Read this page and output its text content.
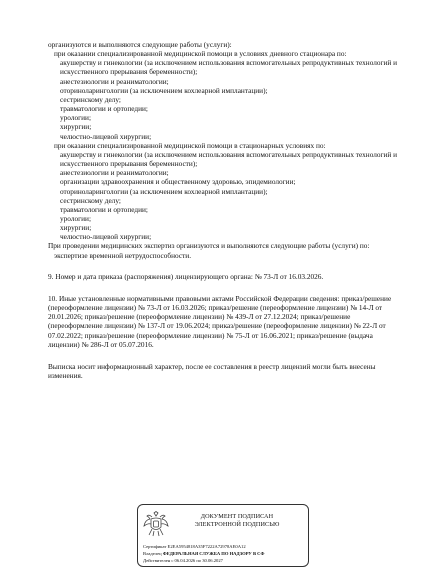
организуются и выполняются следующие работы (услуги):

при оказании специализированной медицинской помощи в условиях дневного стационара по:

акушерству и гинекологии (за исключением использования вспомогательных репродуктивных технологий и искусственного прерывания беременности);

анестезиологии и реаниматологии;

оториноларингологии (за исключением кохлеарной имплантации);

сестринскому делу;

травматологии и ортопедии;

урологии;

хирургии;

челюстно-лицевой хирургии;

при оказании специализированной медицинской помощи в стационарных условиях по:

акушерству и гинекологии (за исключением использования вспомогательных репродуктивных технологий и искусственного прерывания беременности);

анестезиологии и реаниматологии;

организации здравоохранения и общественному здоровью, эпидемиологии;

оториноларингологии (за исключением кохлеарной имплантации);

сестринскому делу;

травматологии и ортопедии;

урологии;

хирургии;

челюстно-лицевой хирургии;

При проведении медицинских экспертиз организуются и выполняются следующие работы (услуги) по:

экспертизе временной нетрудоспособности.

9. Номер и дата приказа (распоряжения) лицензирующего органа: № 73-Л от 16.03.2026.

10. Иные установленные нормативными правовыми актами Российской Федерации сведения: приказ/решение (переоформление лицензии) № 73-Л от 16.03.2026; приказ/решение (переоформление лицензии) № 14-Л от 20.01.2026; приказ/решение (переоформление лицензии) № 439-Л от 27.12.2024; приказ/решение (переоформление лицензии) № 137-Л от 19.06.2024; приказ/решение (переоформление лицензии) № 22-Л от 07.02.2022; приказ/решение (переоформление лицензии) № 75-Л от 16.06.2021; приказ/решение (выдача лицензии) № 286-Л от 05.07.2016.

Выписка носит информационный характер, после ее составления в реестр лицензий могли быть внесены изменения.

ДОКУМЕНТ ПОДПИСАН
ЭЛЕКТРОННОЙ ПОДПИСЬЮ
Сертификат E2EA5954818A35F7222A72978AE0A12
Владелец ФЕДЕРАЛЬНАЯ СЛУЖБА ПО НАДЗОРУ В СФ
Действителен с 06.04.2026 по 30.06.2027
